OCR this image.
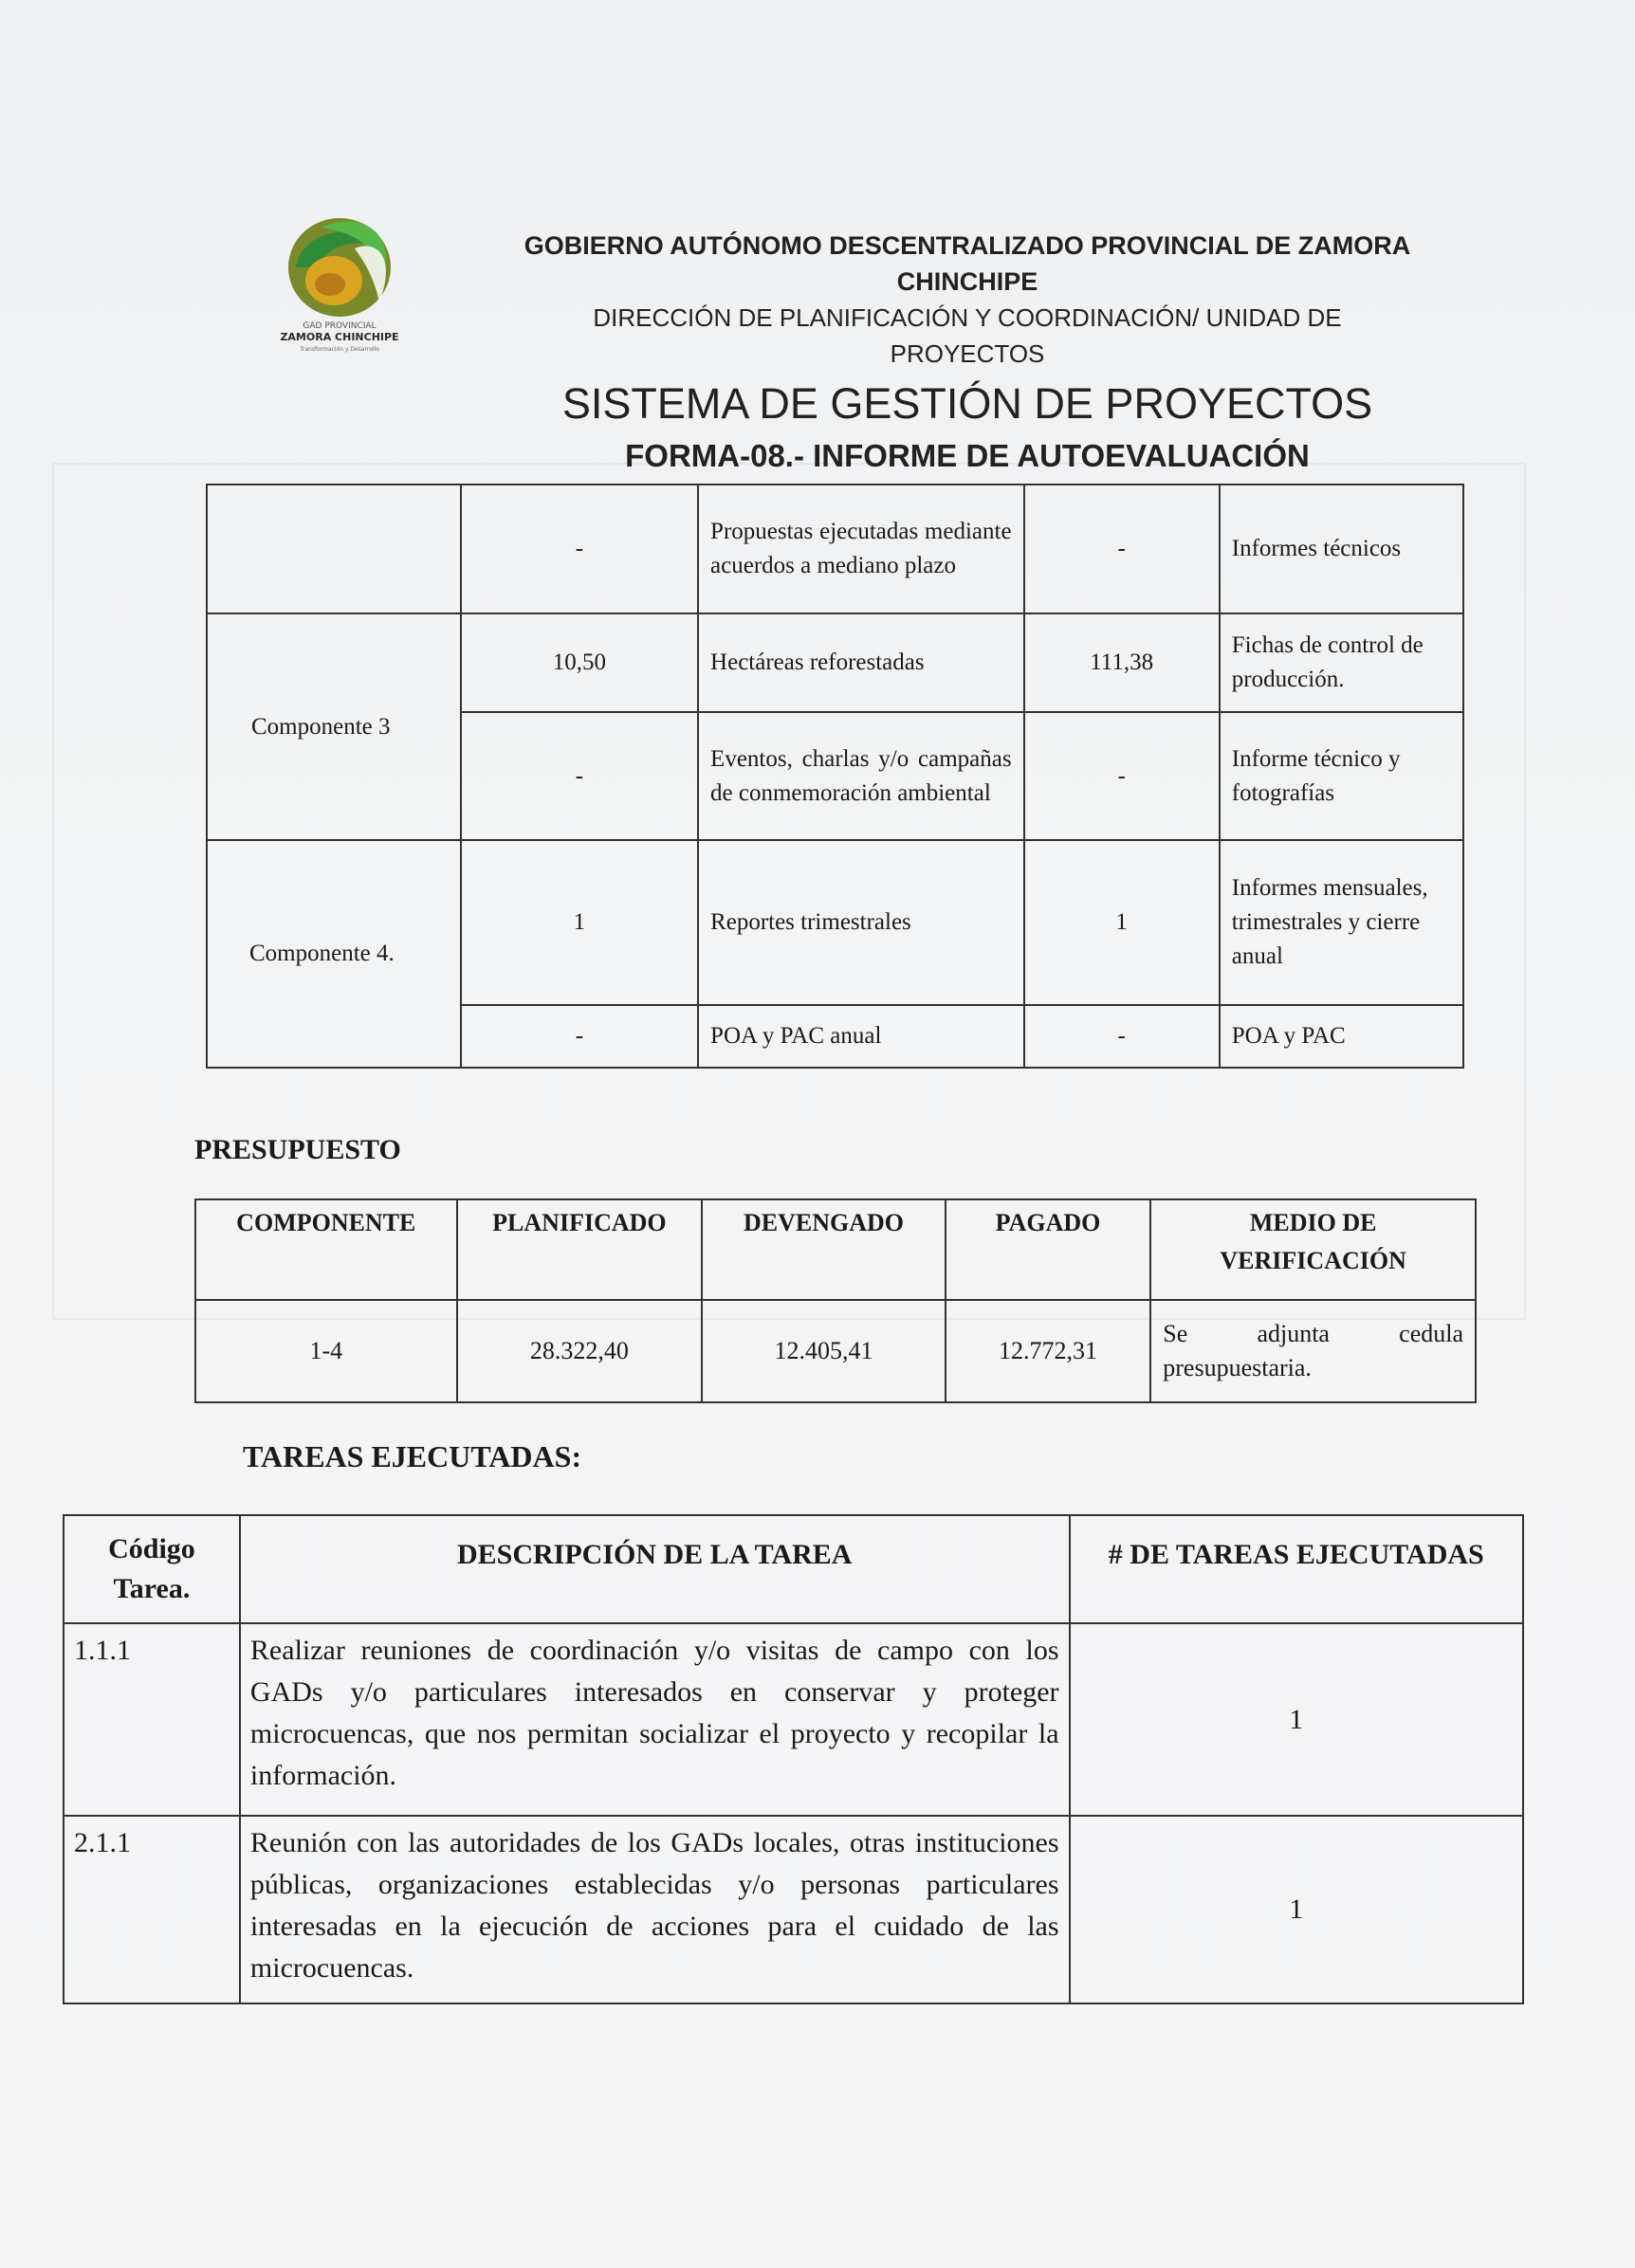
GAD PROVINCIAL
ZAMORA CHINCHIPE
Transformación y Desarrollo
GOBIERNO AUTÓNOMO DESCENTRALIZADO PROVINCIAL DE ZAMORA
CHINCHIPE
DIRECCIÓN DE PLANIFICACIÓN Y COORDINACIÓN/ UNIDAD DE
PROYECTOS
SISTEMA DE GESTIÓN DE PROYECTOS
FORMA-08.- INFORME DE AUTOEVALUACIÓN
	-	Propuestas ejecutadas mediante acuerdos a mediano plazo	-	Informes técnicos
Componente 3	10,50	Hectáreas reforestadas	111,38	Fichas de control de producción.
	-	Eventos, charlas y/o campañas de conmemoración ambiental	-	Informe técnico y fotografías
Componente 4.	1	Reportes trimestrales	1	Informes mensuales, trimestrales y cierre anual
	-	POA y PAC anual	-	POA y PAC
PRESUPUESTO
COMPONENTE	PLANIFICADO	DEVENGADO	PAGADO	MEDIO DE VERIFICACIÓN
1-4	28.322,40	12.405,41	12.772,31	Se adjunta cedula presupuestaria.
TAREAS EJECUTADAS:
Código Tarea.	DESCRIPCIÓN DE LA TAREA	# DE TAREAS EJECUTADAS
1.1.1	Realizar reuniones de coordinación y/o visitas de campo con los GADs y/o particulares interesados en conservar y proteger microcuencas, que nos permitan socializar el proyecto y recopilar la información.	1
2.1.1	Reunión con las autoridades de los GADs locales, otras instituciones públicas, organizaciones establecidas y/o personas particulares interesadas en la ejecución de acciones para el cuidado de las microcuencas.	1
